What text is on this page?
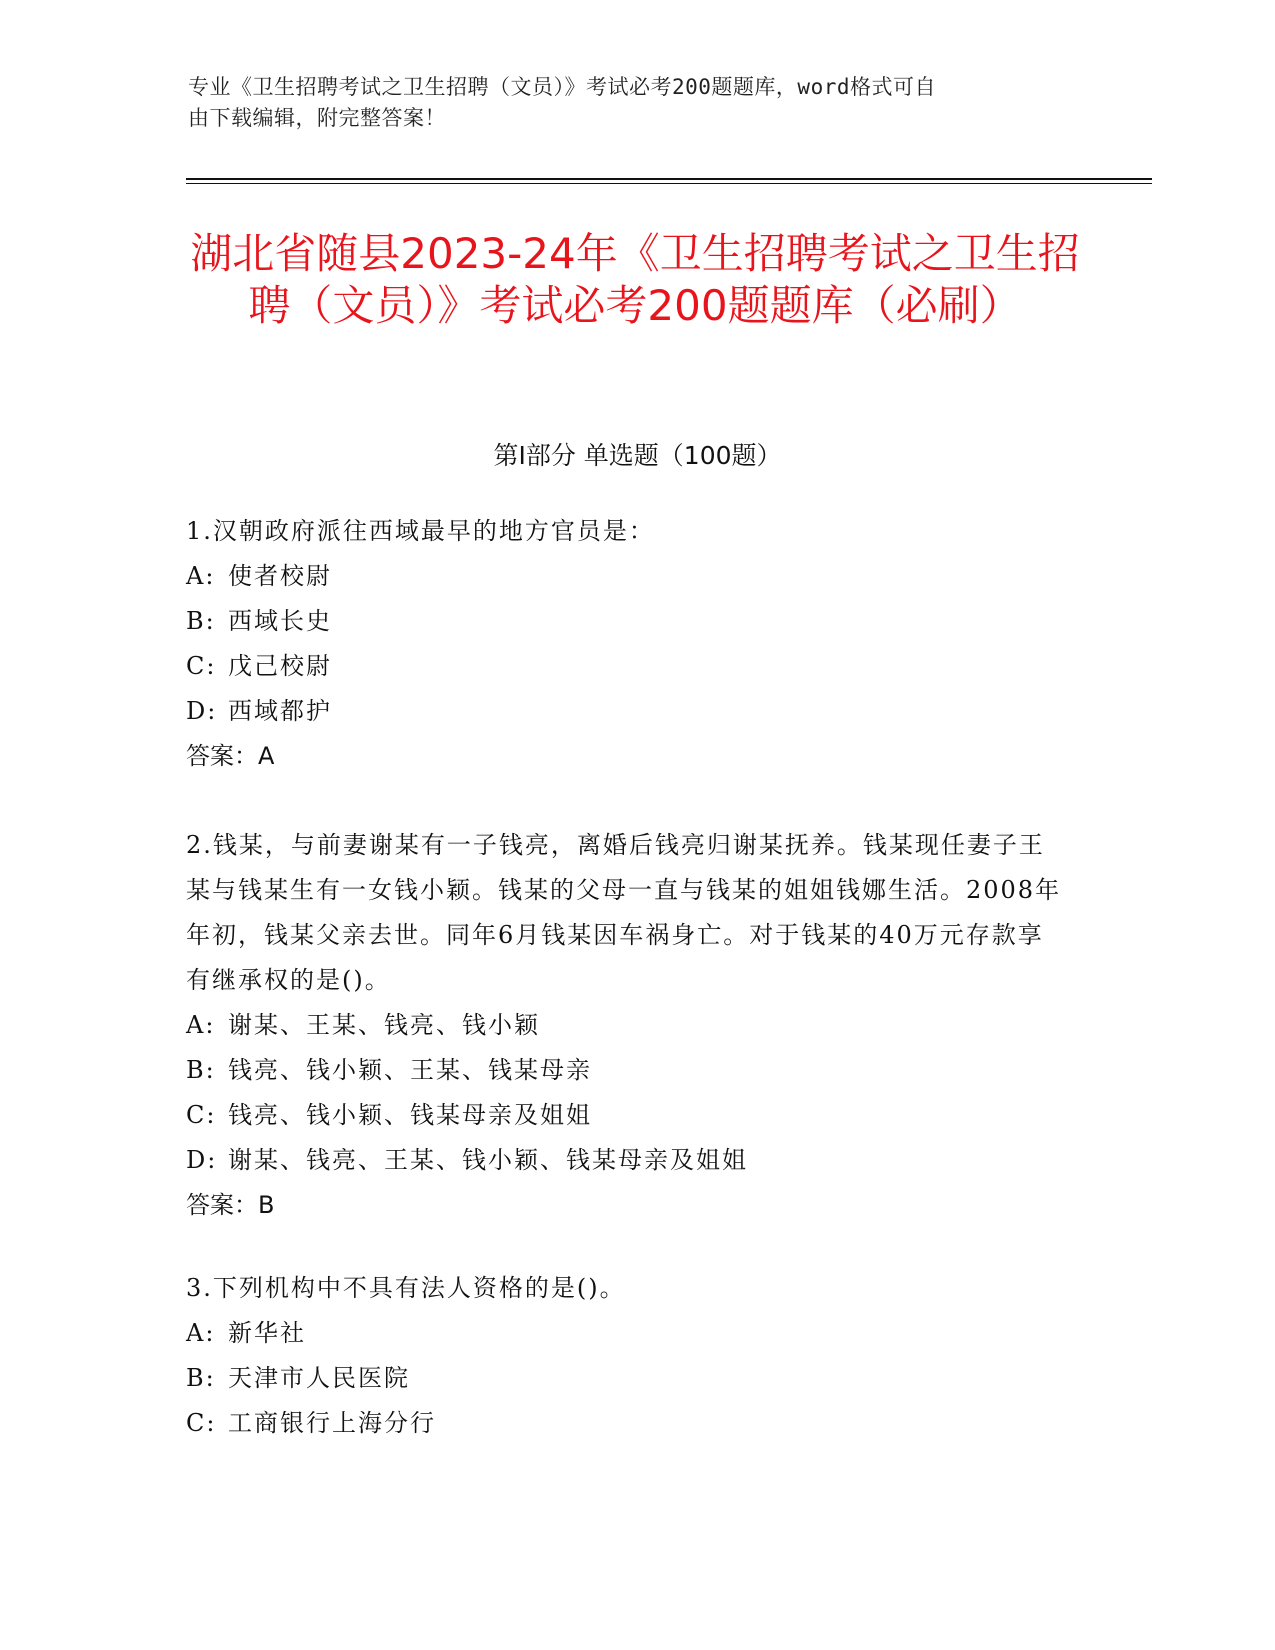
专业《卫生招聘考试之卫生招聘（文员）》考试必考200题题库，word格式可自
由下载编辑，附完整答案！
湖北省随县2023-24年《卫生招聘考试之卫生招聘（文员）》考试必考200题题库（必刷）
第Ⅰ部分 单选题（100题）

1.汉朝政府派往西域最早的地方官员是：

A: 使者校尉

B: 西域长史

C: 戊己校尉

D: 西域都护

答案：A

2.钱某，与前妻谢某有一子钱亮，离婚后钱亮归谢某抚养。钱某现任妻子王某与钱某生有一女钱小颖。钱某的父母一直与钱某的姐姐钱娜生活。2008年年初，钱某父亲去世。同年6月钱某因车祸身亡。对于钱某的40万元存款享有继承权的是()。

A: 谢某、王某、钱亮、钱小颖

B: 钱亮、钱小颖、王某、钱某母亲

C: 钱亮、钱小颖、钱某母亲及姐姐

D: 谢某、钱亮、王某、钱小颖、钱某母亲及姐姐

答案：B

3.下列机构中不具有法人资格的是()。

A: 新华社

B: 天津市人民医院

C: 工商银行上海分行
